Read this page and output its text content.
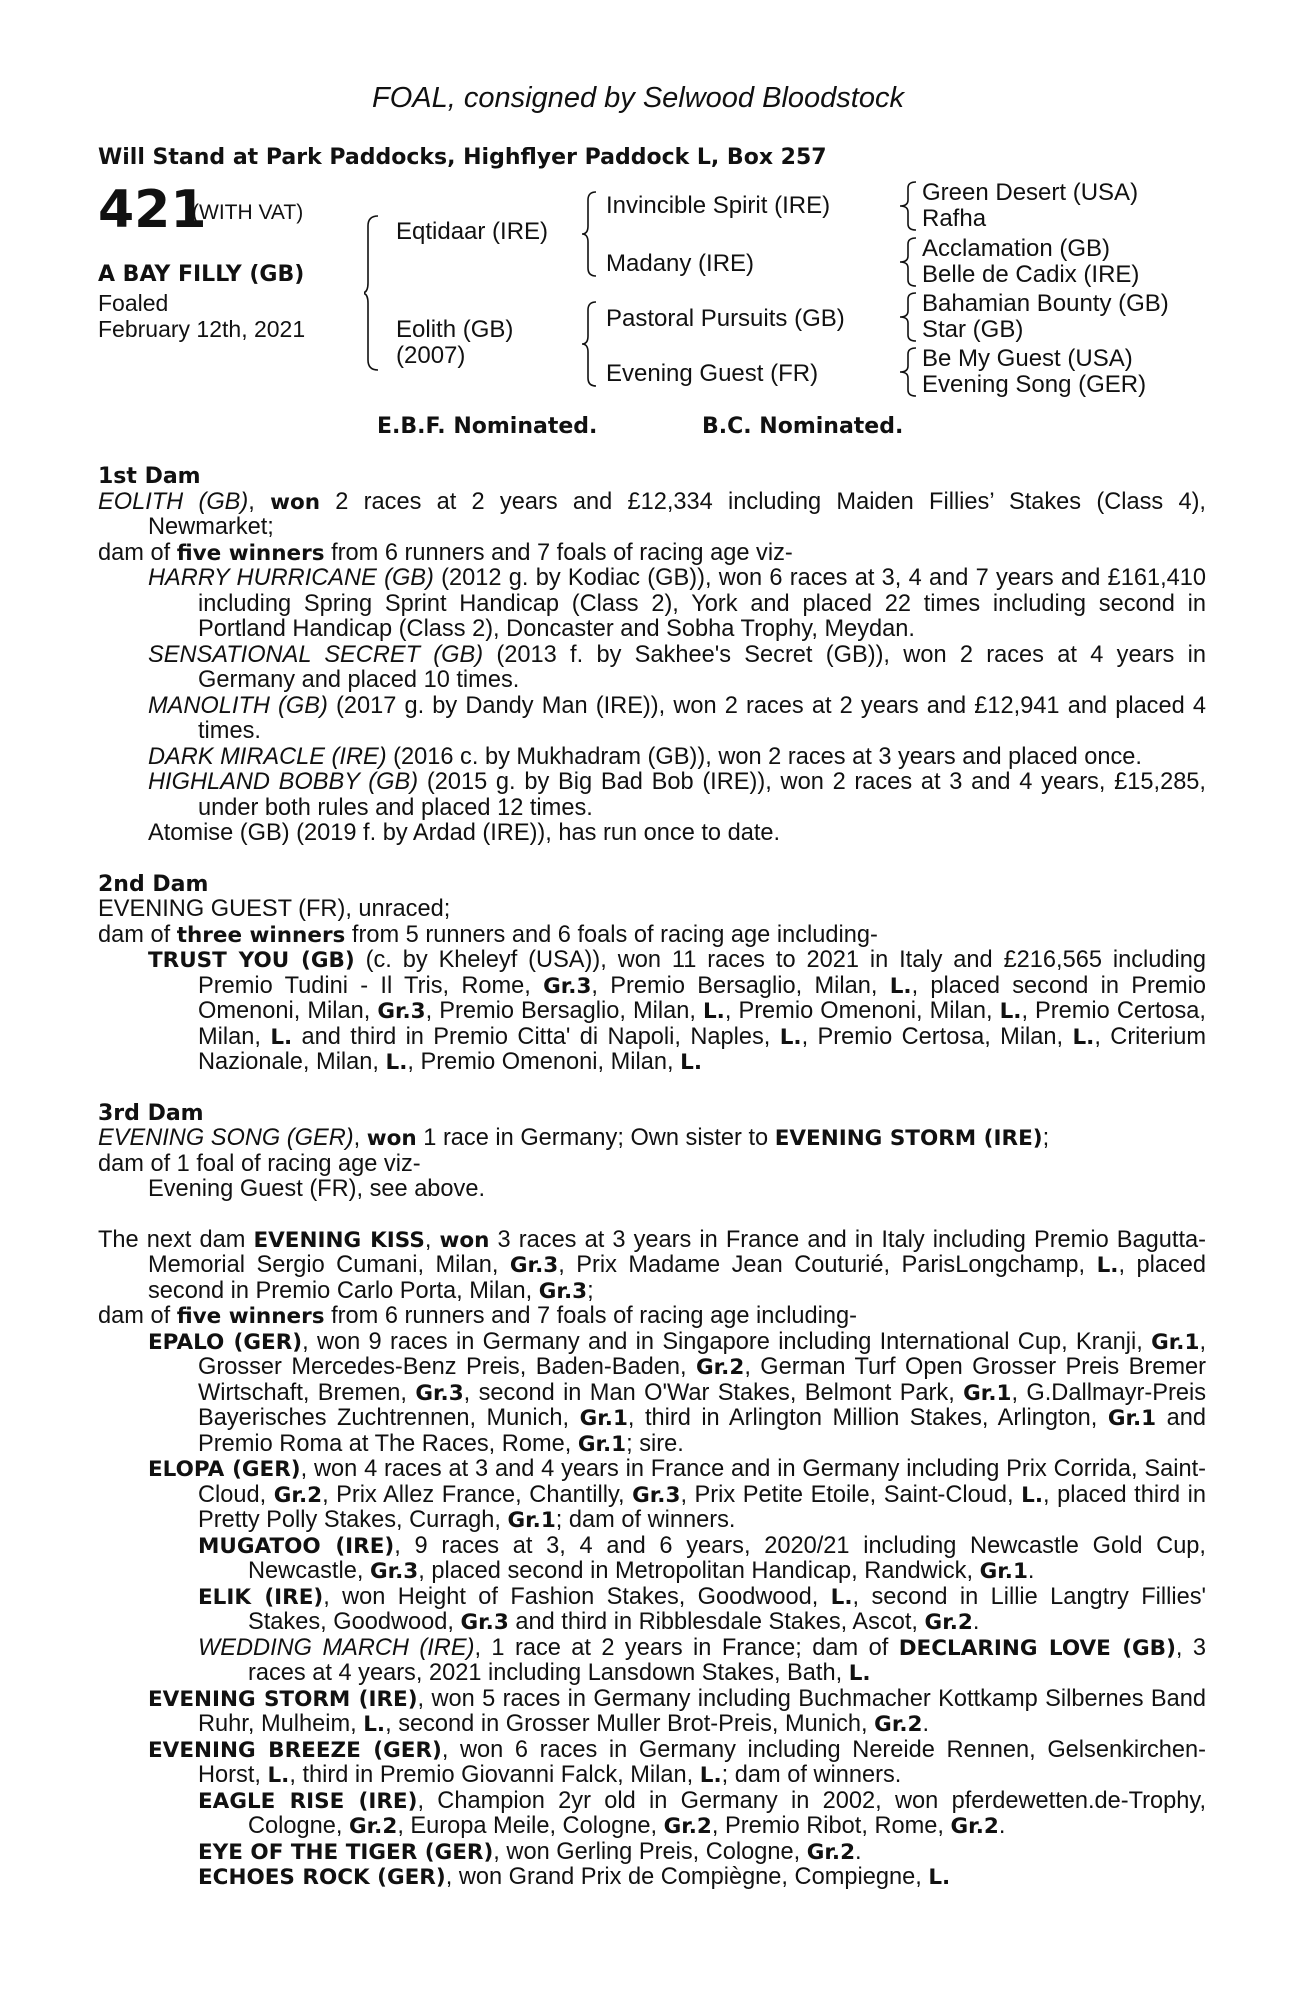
FOAL, consigned by Selwood Bloodstock
Will Stand at Park Paddocks, Highflyer Paddock L, Box 257
421
(WITH VAT)
A BAY FILLY (GB)
Foaled
February 12th, 2021
Eqtidaar (IRE)
Eolith (GB)
(2007)
Invincible Spirit (IRE)
Madany (IRE)
Pastoral Pursuits (GB)
Evening Guest (FR)
Green Desert (USA)
Rafha
Acclamation (GB)
Belle de Cadix (IRE)
Bahamian Bounty (GB)
Star (GB)
Be My Guest (USA)
Evening Song (GER)
E.B.F. Nominated.	B.C. Nominated.

1st Dam

EOLITH (GB), won 2 races at 2 years and £12,334 including Maiden Fillies’ Stakes (Class 4), Newmarket;

dam of five winners from 6 runners and 7 foals of racing age viz-

HARRY HURRICANE (GB) (2012 g. by Kodiac (GB)), won 6 races at 3, 4 and 7 years and £161,410 including Spring Sprint Handicap (Class 2), York and placed 22 times including second in Portland Handicap (Class 2), Doncaster and Sobha Trophy, Meydan.

SENSATIONAL SECRET (GB) (2013 f. by Sakhee's Secret (GB)), won 2 races at 4 years in Germany and placed 10 times.

MANOLITH (GB) (2017 g. by Dandy Man (IRE)), won 2 races at 2 years and £12,941 and placed 4 times.

DARK MIRACLE (IRE) (2016 c. by Mukhadram (GB)), won 2 races at 3 years and placed once.

HIGHLAND BOBBY (GB) (2015 g. by Big Bad Bob (IRE)), won 2 races at 3 and 4 years, £15,285, under both rules and placed 12 times.

Atomise (GB) (2019 f. by Ardad (IRE)), has run once to date.

2nd Dam

EVENING GUEST (FR), unraced;

dam of three winners from 5 runners and 6 foals of racing age including-

TRUST YOU (GB) (c. by Kheleyf (USA)), won 11 races to 2021 in Italy and £216,565 including Premio Tudini - Il Tris, Rome, Gr.3, Premio Bersaglio, Milan, L., placed second in Premio Omenoni, Milan, Gr.3, Premio Bersaglio, Milan, L., Premio Omenoni, Milan, L., Premio Certosa, Milan, L. and third in Premio Citta' di Napoli, Naples, L., Premio Certosa, Milan, L., Criterium Nazionale, Milan, L., Premio Omenoni, Milan, L.

3rd Dam

EVENING SONG (GER), won 1 race in Germany; Own sister to EVENING STORM (IRE);

dam of 1 foal of racing age viz-

Evening Guest (FR), see above.

The next dam EVENING KISS, won 3 races at 3 years in France and in Italy including Premio Bagutta-Memorial Sergio Cumani, Milan, Gr.3, Prix Madame Jean Couturié, ParisLongchamp, L., placed second in Premio Carlo Porta, Milan, Gr.3;

dam of five winners from 6 runners and 7 foals of racing age including-

EPALO (GER), won 9 races in Germany and in Singapore including International Cup, Kranji, Gr.1, Grosser Mercedes-Benz Preis, Baden-Baden, Gr.2, German Turf Open Grosser Preis Bremer Wirtschaft, Bremen, Gr.3, second in Man O'War Stakes, Belmont Park, Gr.1, G.Dallmayr-Preis Bayerisches Zuchtrennen, Munich, Gr.1, third in Arlington Million Stakes, Arlington, Gr.1 and Premio Roma at The Races, Rome, Gr.1; sire.

ELOPA (GER), won 4 races at 3 and 4 years in France and in Germany including Prix Corrida, Saint-Cloud, Gr.2, Prix Allez France, Chantilly, Gr.3, Prix Petite Etoile, Saint-Cloud, L., placed third in Pretty Polly Stakes, Curragh, Gr.1; dam of winners.

MUGATOO (IRE), 9 races at 3, 4 and 6 years, 2020/21 including Newcastle Gold Cup, Newcastle, Gr.3, placed second in Metropolitan Handicap, Randwick, Gr.1.

ELIK (IRE), won Height of Fashion Stakes, Goodwood, L., second in Lillie Langtry Fillies' Stakes, Goodwood, Gr.3 and third in Ribblesdale Stakes, Ascot, Gr.2.

WEDDING MARCH (IRE), 1 race at 2 years in France; dam of DECLARING LOVE (GB), 3 races at 4 years, 2021 including Lansdown Stakes, Bath, L.

EVENING STORM (IRE), won 5 races in Germany including Buchmacher Kottkamp Silbernes Band Ruhr, Mulheim, L., second in Grosser Muller Brot-Preis, Munich, Gr.2.

EVENING BREEZE (GER), won 6 races in Germany including Nereide Rennen, Gelsenkirchen-Horst, L., third in Premio Giovanni Falck, Milan, L.; dam of winners.

EAGLE RISE (IRE), Champion 2yr old in Germany in 2002, won pferdewetten.de-Trophy, Cologne, Gr.2, Europa Meile, Cologne, Gr.2, Premio Ribot, Rome, Gr.2.

EYE OF THE TIGER (GER), won Gerling Preis, Cologne, Gr.2.

ECHOES ROCK (GER), won Grand Prix de Compiègne, Compiegne, L.
